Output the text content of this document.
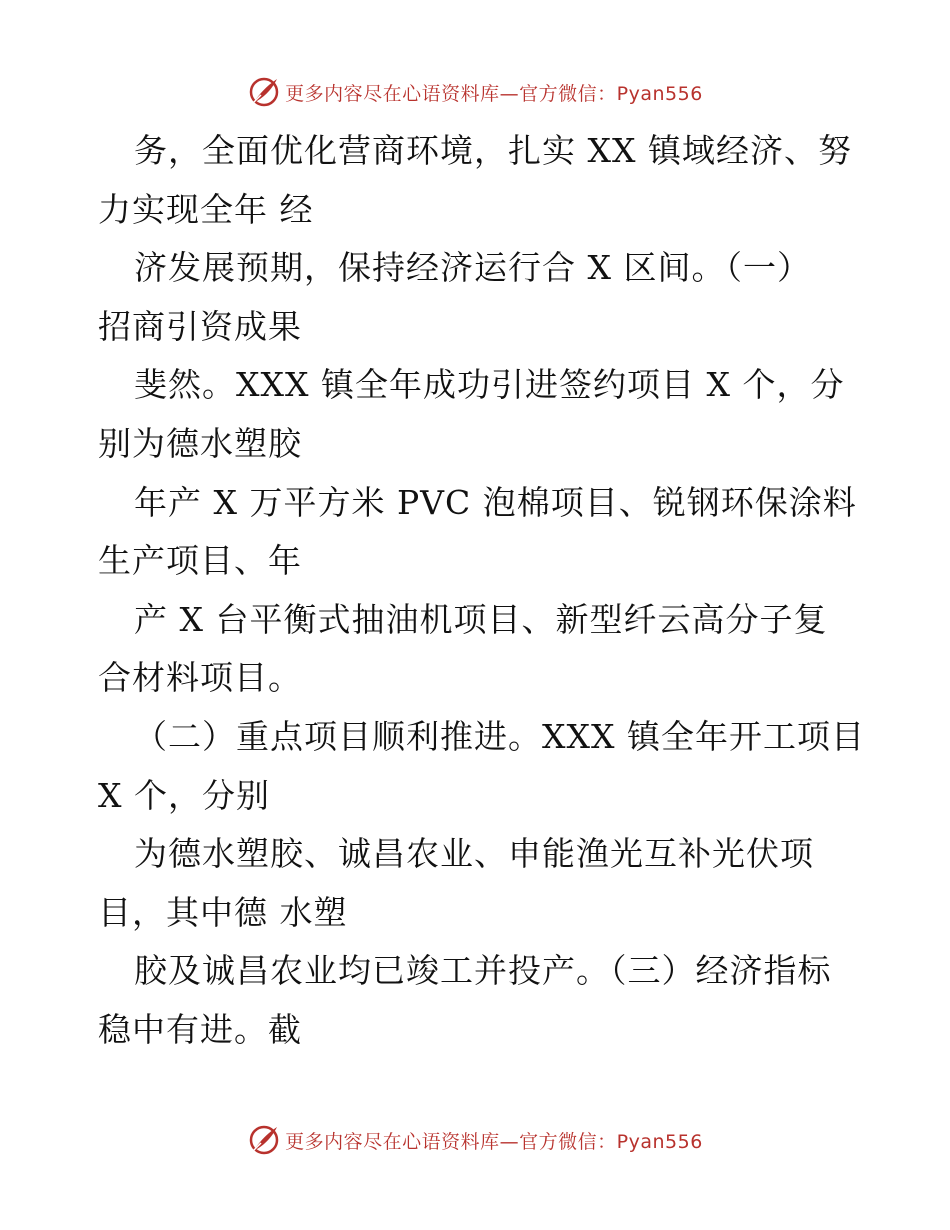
更多内容尽在心语资料库—官方微信：Pyan556
务，全面优化营商环境，扎实 XX 镇域经济、努
力实现全年 经
济发展预期，保持经济运行合 X 区间。（一）
招商引资成果
斐然。XXX 镇全年成功引进签约项目 X 个，分
别为德水塑胶
年产 X 万平方米 PVC 泡棉项目、锐钢环保涂料
生产项目、年
产 X 台平衡式抽油机项目、新型纤云高分子复
合材料项目。
（二）重点项目顺利推进。XXX 镇全年开工项目
X 个，分别
为德水塑胶、诚昌农业、申能渔光互补光伏项
目，其中德 水塑
胶及诚昌农业均已竣工并投产。（三）经济指标
稳中有进。截
更多内容尽在心语资料库—官方微信：Pyan556
